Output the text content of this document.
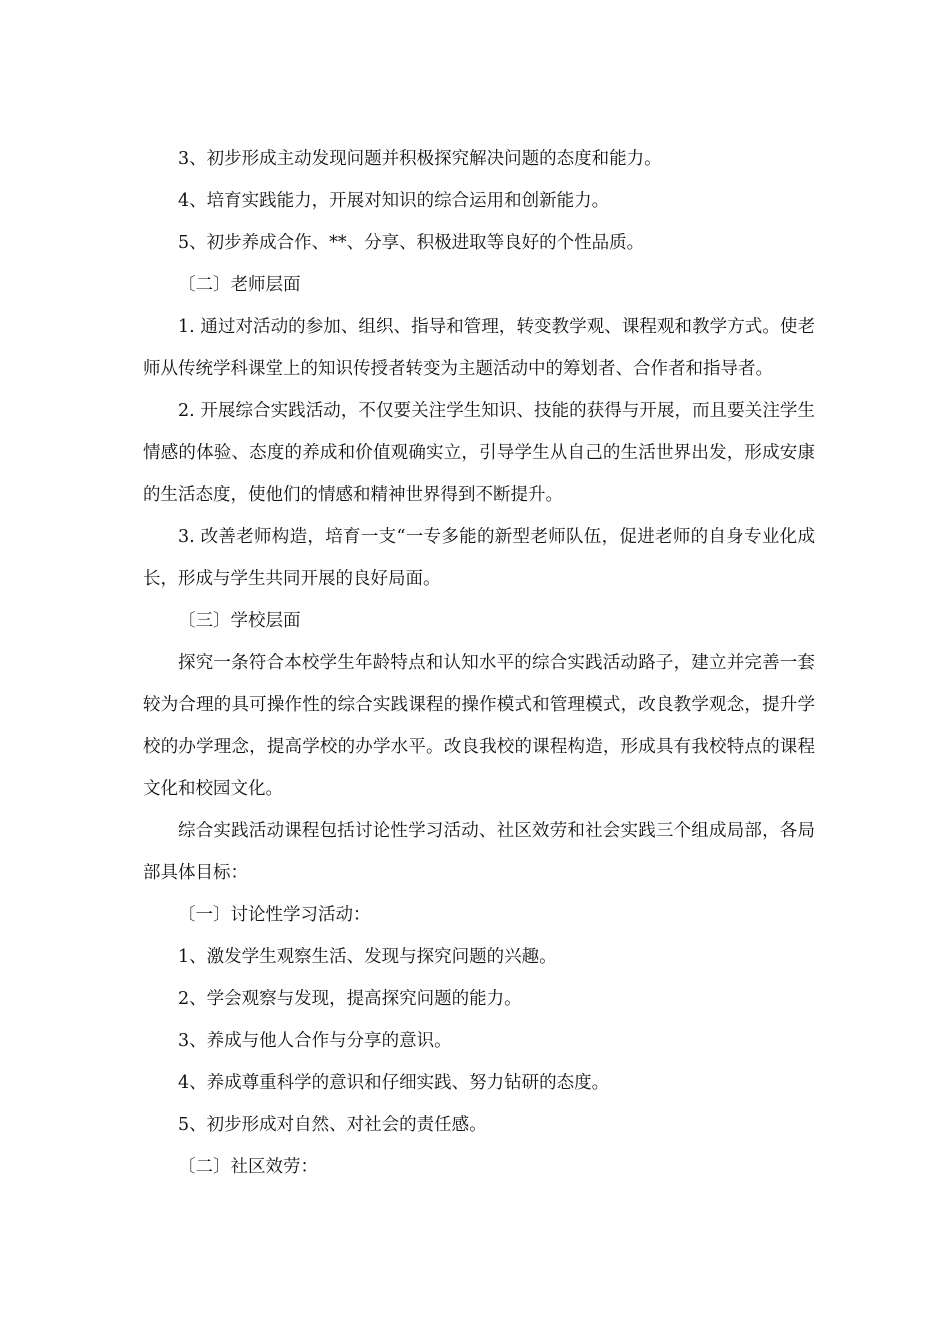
3、初步形成主动发现问题并积极探究解决问题的态度和能力。

4、培育实践能力，开展对知识的综合运用和创新能力。

5、初步养成合作、**、分享、积极进取等良好的个性品质。

〔二〕老师层面

1. 通过对活动的参加、组织、指导和管理，转变教学观、课程观和教学方式。使老师从传统学科课堂上的知识传授者转变为主题活动中的筹划者、合作者和指导者。

2. 开展综合实践活动，不仅要关注学生知识、技能的获得与开展，而且要关注学生情感的体验、态度的养成和价值观确实立，引导学生从自己的生活世界出发，形成安康的生活态度，使他们的情感和精神世界得到不断提升。

3. 改善老师构造，培育一支“一专多能的新型老师队伍，促进老师的自身专业化成长，形成与学生共同开展的良好局面。

〔三〕学校层面

探究一条符合本校学生年龄特点和认知水平的综合实践活动路子，建立并完善一套较为合理的具可操作性的综合实践课程的操作模式和管理模式，改良教学观念，提升学校的办学理念，提高学校的办学水平。改良我校的课程构造，形成具有我校特点的课程文化和校园文化。

综合实践活动课程包括讨论性学习活动、社区效劳和社会实践三个组成局部，各局部具体目标：

〔一〕讨论性学习活动：

1、激发学生观察生活、发现与探究问题的兴趣。

2、学会观察与发现，提高探究问题的能力。

3、养成与他人合作与分享的意识。

4、养成尊重科学的意识和仔细实践、努力钻研的态度。

5、初步形成对自然、对社会的责任感。

〔二〕社区效劳：
